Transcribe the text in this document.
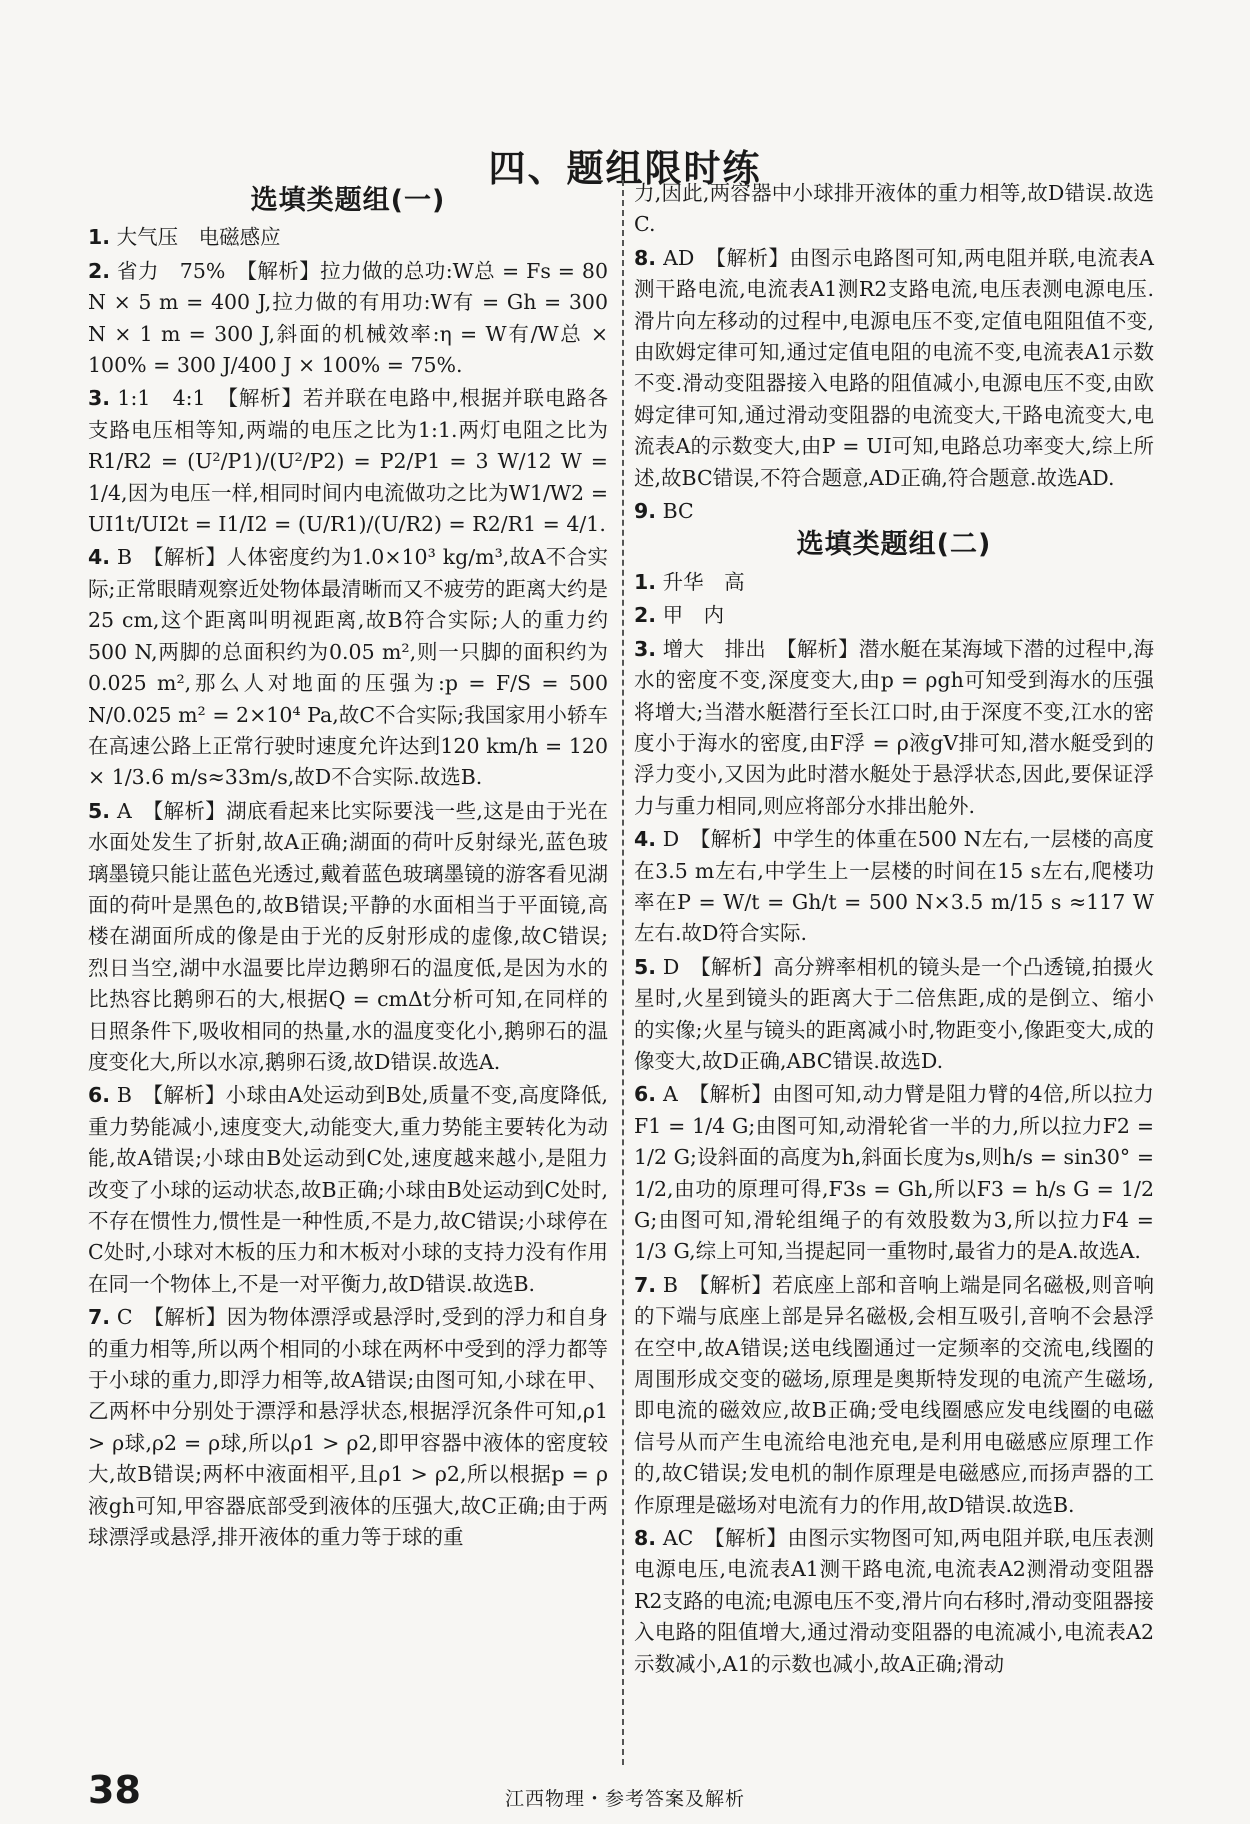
四、题组限时练
选填类题组(一)
1. 大气压　电磁感应
2. 省力　75%　【解析】拉力做的总功:W总 = Fs = 80 N × 5 m = 400 J,拉力做的有用功:W有 = Gh = 300 N × 1 m = 300 J,斜面的机械效率:η = W有/W总 × 100% = 300 J/400 J × 100% = 75%.
3. 1:1　4:1　【解析】若并联在电路中,根据并联电路各支路电压相等知,两端的电压之比为1:1.两灯电阻之比为R1/R2 = (U²/P1)/(U²/P2) = P2/P1 = 3 W/12 W = 1/4,因为电压一样,相同时间内电流做功之比为W1/W2 = UI1t/UI2t = I1/I2 = (U/R1)/(U/R2) = R2/R1 = 4/1.
4. B　【解析】人体密度约为1.0×10³ kg/m³,故A不合实际;正常眼睛观察近处物体最清晰而又不疲劳的距离大约是25 cm,这个距离叫明视距离,故B符合实际;人的重力约500 N,两脚的总面积约为0.05 m²,则一只脚的面积约为0.025 m²,那么人对地面的压强为:p = F/S = 500 N/0.025 m² = 2×10⁴ Pa,故C不合实际;我国家用小轿车在高速公路上正常行驶时速度允许达到120 km/h = 120 × 1/3.6 m/s≈33m/s,故D不合实际.故选B.
5. A　【解析】湖底看起来比实际要浅一些,这是由于光在水面处发生了折射,故A正确;湖面的荷叶反射绿光,蓝色玻璃墨镜只能让蓝色光透过,戴着蓝色玻璃墨镜的游客看见湖面的荷叶是黑色的,故B错误;平静的水面相当于平面镜,高楼在湖面所成的像是由于光的反射形成的虚像,故C错误;烈日当空,湖中水温要比岸边鹅卵石的温度低,是因为水的比热容比鹅卵石的大,根据Q = cmΔt分析可知,在同样的日照条件下,吸收相同的热量,水的温度变化小,鹅卵石的温度变化大,所以水凉,鹅卵石烫,故D错误.故选A.
6. B　【解析】小球由A处运动到B处,质量不变,高度降低,重力势能减小,速度变大,动能变大,重力势能主要转化为动能,故A错误;小球由B处运动到C处,速度越来越小,是阻力改变了小球的运动状态,故B正确;小球由B处运动到C处时,不存在惯性力,惯性是一种性质,不是力,故C错误;小球停在C处时,小球对木板的压力和木板对小球的支持力没有作用在同一个物体上,不是一对平衡力,故D错误.故选B.
7. C　【解析】因为物体漂浮或悬浮时,受到的浮力和自身的重力相等,所以两个相同的小球在两杯中受到的浮力都等于小球的重力,即浮力相等,故A错误;由图可知,小球在甲、乙两杯中分别处于漂浮和悬浮状态,根据浮沉条件可知,ρ1 > ρ球,ρ2 = ρ球,所以ρ1 > ρ2,即甲容器中液体的密度较大,故B错误;两杯中液面相平,且ρ1 > ρ2,所以根据p = ρ液gh可知,甲容器底部受到液体的压强大,故C正确;由于两球漂浮或悬浮,排开液体的重力等于球的重
力,因此,两容器中小球排开液体的重力相等,故D错误.故选C.
8. AD　【解析】由图示电路图可知,两电阻并联,电流表A测干路电流,电流表A1测R2支路电流,电压表测电源电压.滑片向左移动的过程中,电源电压不变,定值电阻阻值不变,由欧姆定律可知,通过定值电阻的电流不变,电流表A1示数不变.滑动变阻器接入电路的阻值减小,电源电压不变,由欧姆定律可知,通过滑动变阻器的电流变大,干路电流变大,电流表A的示数变大,由P = UI可知,电路总功率变大,综上所述,故BC错误,不符合题意,AD正确,符合题意.故选AD.
9. BC
选填类题组(二)
1. 升华　高
2. 甲　内
3. 增大　排出　【解析】潜水艇在某海域下潜的过程中,海水的密度不变,深度变大,由p = ρgh可知受到海水的压强将增大;当潜水艇潜行至长江口时,由于深度不变,江水的密度小于海水的密度,由F浮 = ρ液gV排可知,潜水艇受到的浮力变小,又因为此时潜水艇处于悬浮状态,因此,要保证浮力与重力相同,则应将部分水排出舱外.
4. D　【解析】中学生的体重在500 N左右,一层楼的高度在3.5 m左右,中学生上一层楼的时间在15 s左右,爬楼功率在P = W/t = Gh/t = 500 N×3.5 m/15 s ≈117 W左右.故D符合实际.
5. D　【解析】高分辨率相机的镜头是一个凸透镜,拍摄火星时,火星到镜头的距离大于二倍焦距,成的是倒立、缩小的实像;火星与镜头的距离减小时,物距变小,像距变大,成的像变大,故D正确,ABC错误.故选D.
6. A　【解析】由图可知,动力臂是阻力臂的4倍,所以拉力F1 = 1/4 G;由图可知,动滑轮省一半的力,所以拉力F2 = 1/2 G;设斜面的高度为h,斜面长度为s,则h/s = sin30° = 1/2,由功的原理可得,F3s = Gh,所以F3 = h/s G = 1/2 G;由图可知,滑轮组绳子的有效股数为3,所以拉力F4 = 1/3 G,综上可知,当提起同一重物时,最省力的是A.故选A.
7. B　【解析】若底座上部和音响上端是同名磁极,则音响的下端与底座上部是异名磁极,会相互吸引,音响不会悬浮在空中,故A错误;送电线圈通过一定频率的交流电,线圈的周围形成交变的磁场,原理是奥斯特发现的电流产生磁场,即电流的磁效应,故B正确;受电线圈感应发电线圈的电磁信号从而产生电流给电池充电,是利用电磁感应原理工作的,故C错误;发电机的制作原理是电磁感应,而扬声器的工作原理是磁场对电流有力的作用,故D错误.故选B.
8. AC　【解析】由图示实物图可知,两电阻并联,电压表测电源电压,电流表A1测干路电流,电流表A2测滑动变阻器R2支路的电流;电源电压不变,滑片向右移时,滑动变阻器接入电路的阻值增大,通过滑动变阻器的电流减小,电流表A2示数减小,A1的示数也减小,故A正确;滑动
38	江西物理・参考答案及解析
